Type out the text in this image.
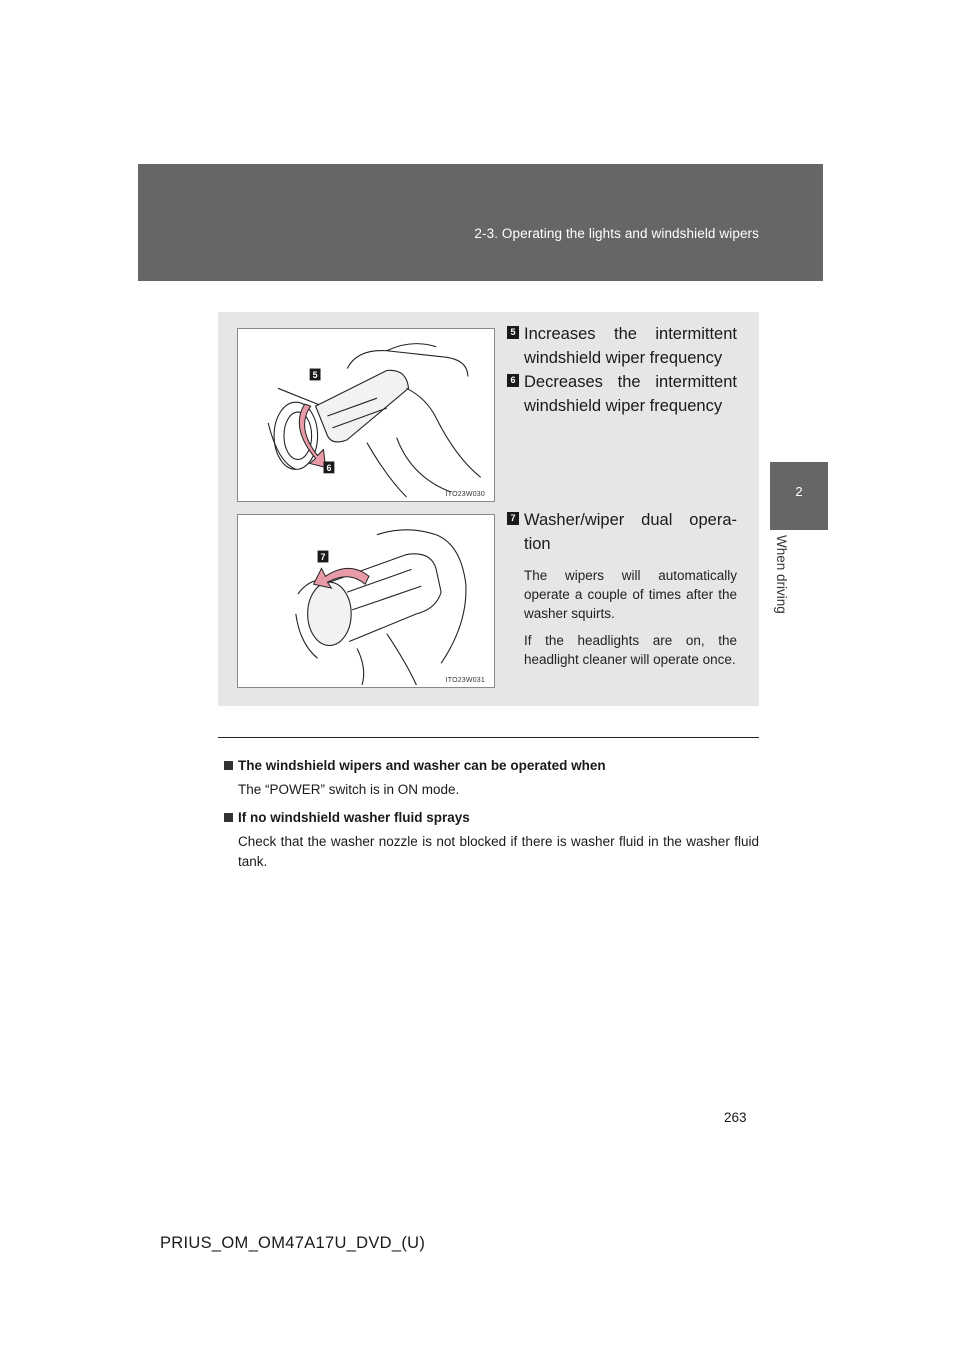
2-3. Operating the lights and windshield wipers
2
When driving
5
6
ITO23W030
7
ITO23W031
5 Increases the intermittent windshield wiper frequency
6 Decreases the intermittent windshield wiper frequency
7 Washer/wiper dual opera-tion
The wipers will automatically operate a couple of times after the washer squirts.
If the headlights are on, the headlight cleaner will operate once.
The windshield wipers and washer can be operated when
The “POWER” switch is in ON mode.
If no windshield washer fluid sprays
Check that the washer nozzle is not blocked if there is washer fluid in the washer fluid tank.
263
PRIUS_OM_OM47A17U_DVD_(U)
